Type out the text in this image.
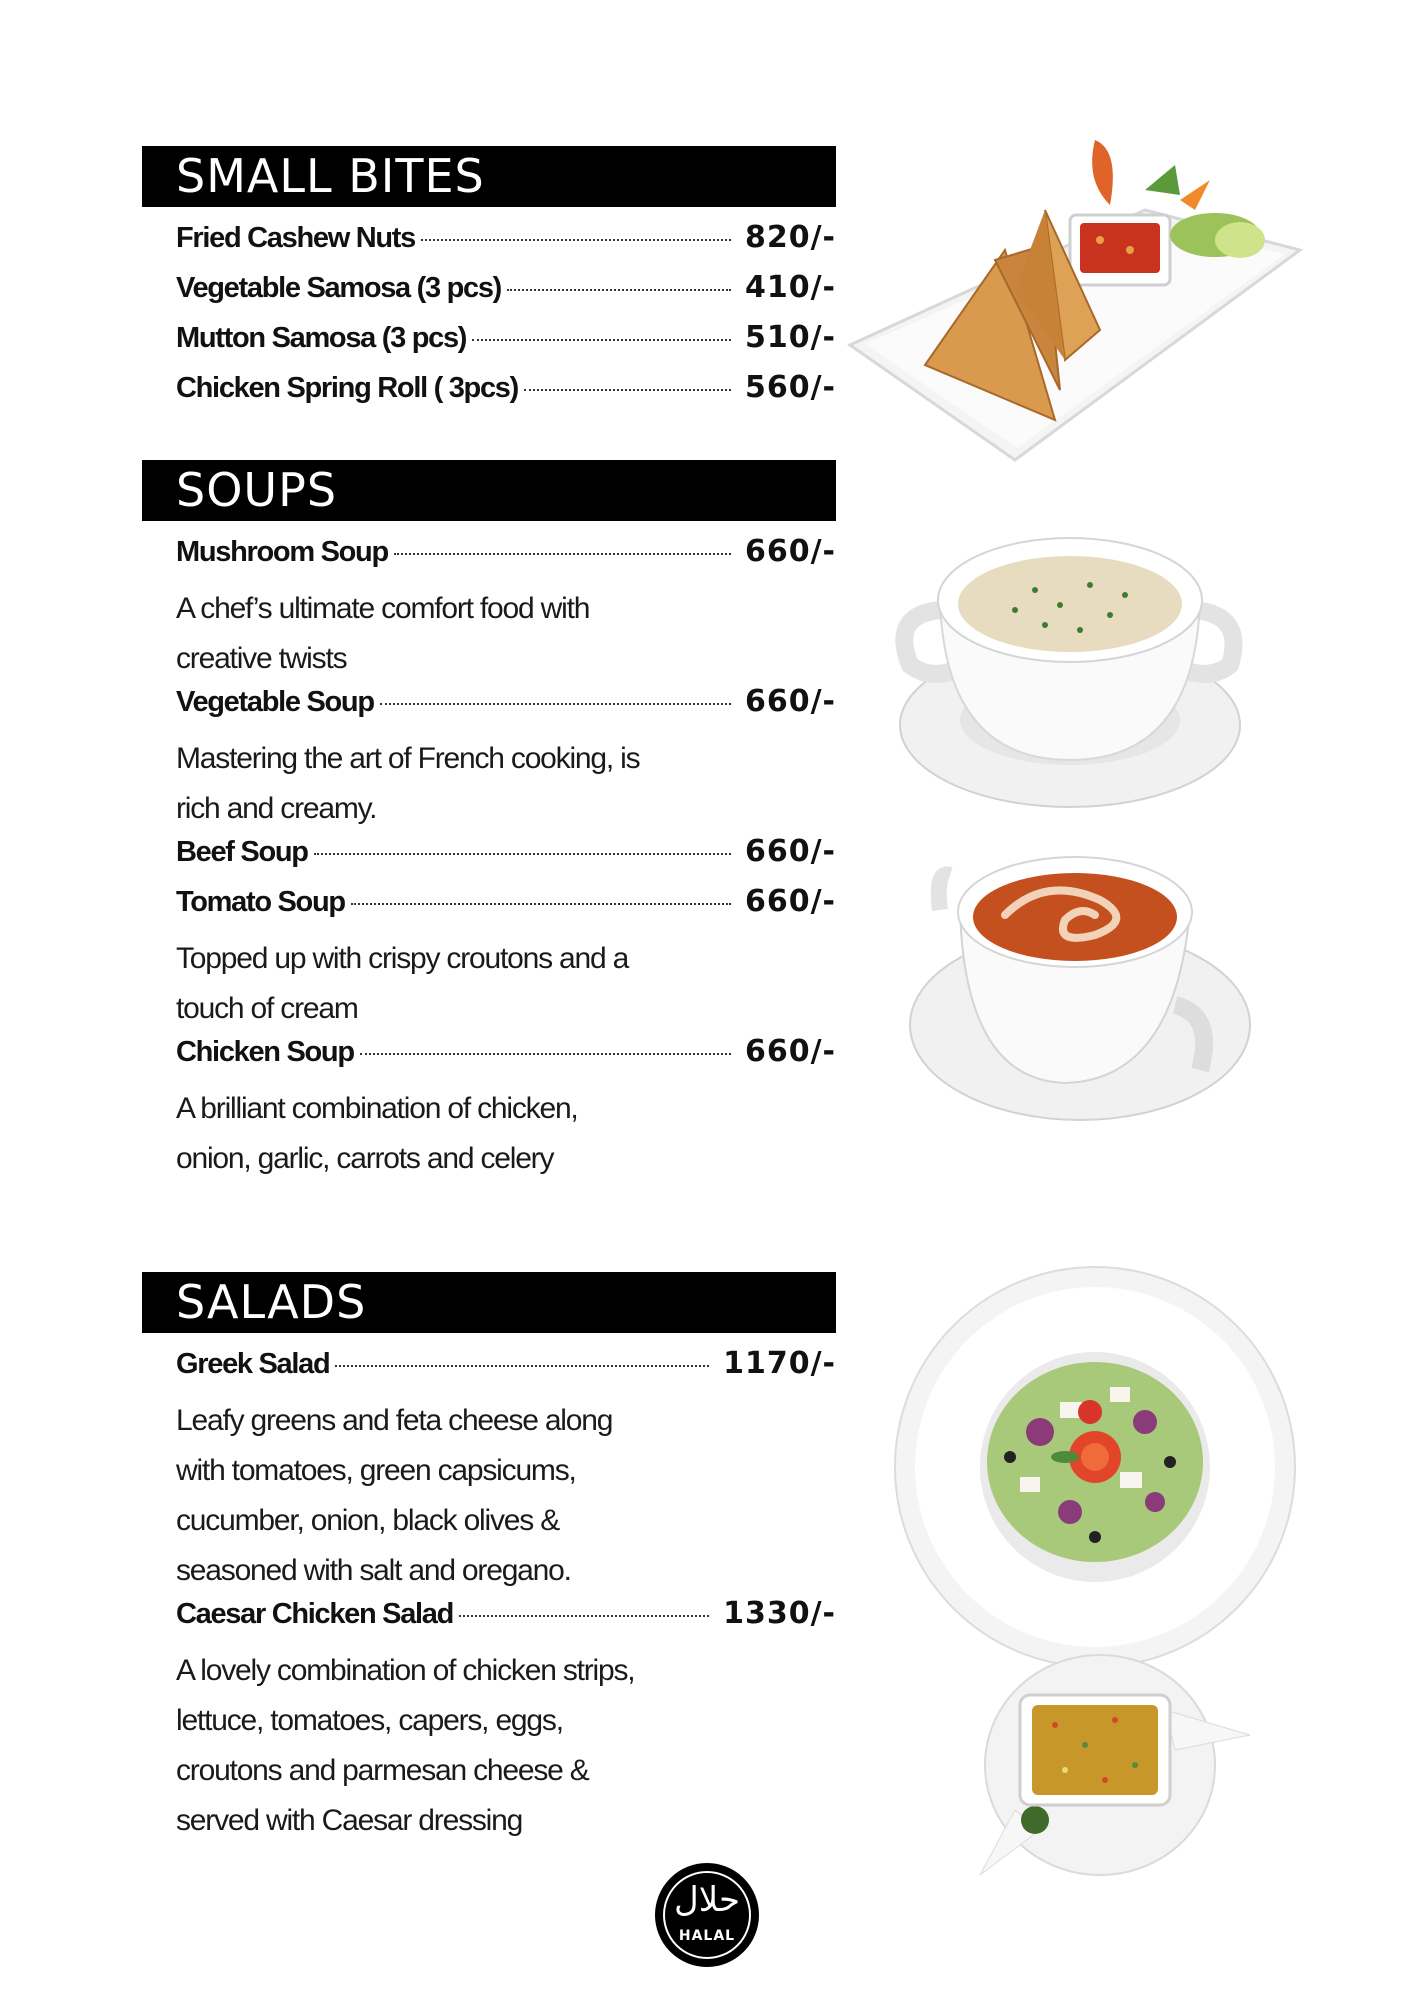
SMALL BITES
Fried Cashew Nuts	820/-
Vegetable Samosa (3 pcs)	410/-
Mutton Samosa (3 pcs)	510/-
Chicken Spring Roll ( 3pcs)	560/-
SOUPS
Mushroom Soup	660/-
A chef’s ultimate comfort food with
creative twists
Vegetable Soup	660/-
Mastering the art of French cooking, is
rich and creamy.
Beef Soup	660/-
Tomato Soup	660/-
Topped up with crispy croutons and a
touch of cream
Chicken Soup	660/-
A brilliant combination of chicken,
onion, garlic, carrots and celery
SALADS
Greek Salad	1170/-
Leafy greens and feta cheese along
with tomatoes, green capsicums,
cucumber, onion, black olives &
seasoned with salt and oregano.
Caesar Chicken Salad	1330/-
A lovely combination of chicken strips,
lettuce, tomatoes, capers, eggs,
croutons and parmesan cheese &
served with Caesar dressing
حلال
HALAL
